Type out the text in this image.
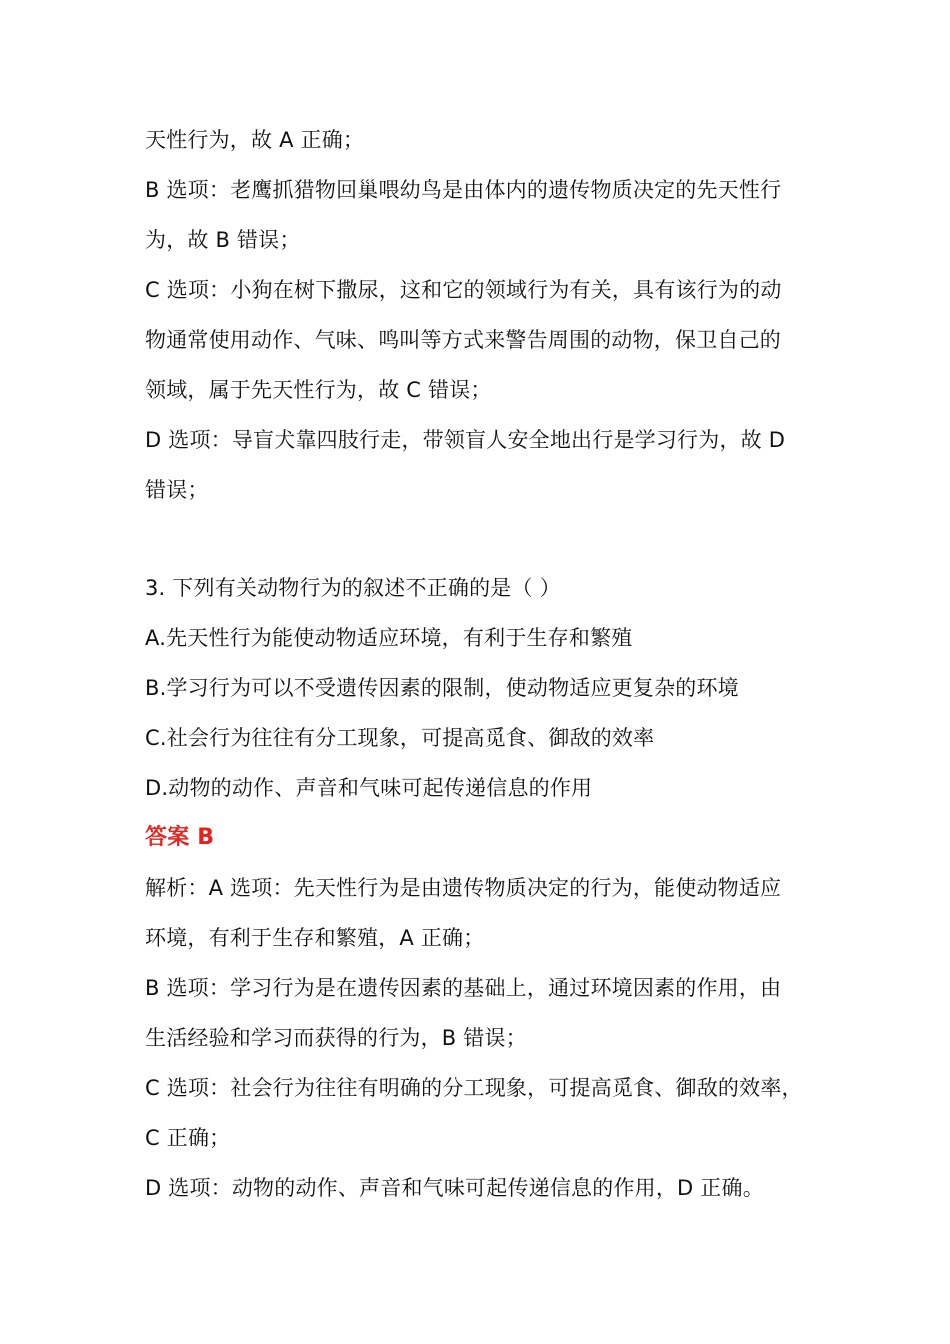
天性行为，故 A 正确；
B 选项：老鹰抓猎物回巢喂幼鸟是由体内的遗传物质决定的先天性行
为，故 B 错误；
C 选项：小狗在树下撒尿，这和它的领域行为有关，具有该行为的动
物通常使用动作、气味、鸣叫等方式来警告周围的动物，保卫自己的
领域，属于先天性行为，故 C 错误；
D 选项：导盲犬靠四肢行走，带领盲人安全地出行是学习行为，故 D
错误；
3. 下列有关动物行为的叙述不正确的是（ ）
A.先天性行为能使动物适应环境，有利于生存和繁殖
B.学习行为可以不受遗传因素的限制，使动物适应更复杂的环境
C.社会行为往往有分工现象，可提高觅食、御敌的效率
D.动物的动作、声音和气味可起传递信息的作用
答案 B
解析：A 选项：先天性行为是由遗传物质决定的行为，能使动物适应
环境，有利于生存和繁殖，A 正确；
B 选项：学习行为是在遗传因素的基础上，通过环境因素的作用，由
生活经验和学习而获得的行为，B 错误；
C 选项：社会行为往往有明确的分工现象，可提高觅食、御敌的效率，
C 正确；
D 选项：动物的动作、声音和气味可起传递信息的作用，D 正确。
